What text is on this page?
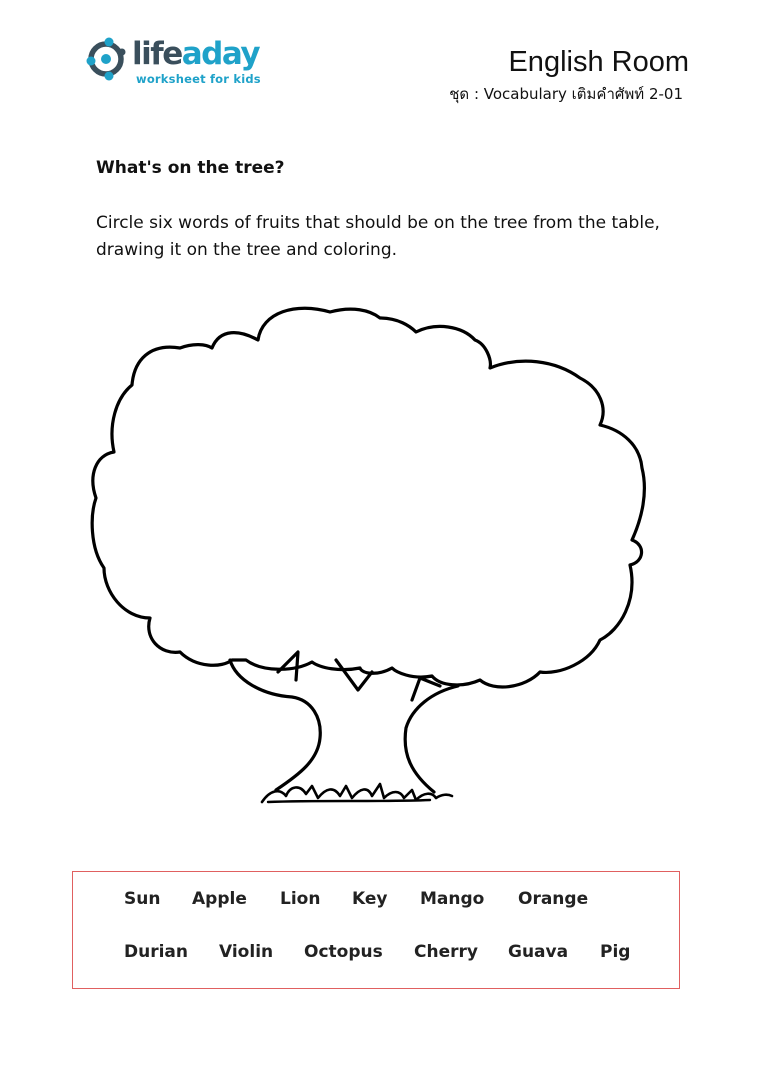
lifeaday
worksheet for kids
English Room
ชุด : Vocabulary เติมคำศัพท์ 2-01
What's on the tree?
Circle six words of fruits that should be on the tree from the table, drawing it on the tree and coloring.
Sun Apple Lion Key Mango Orange
Durian Violin Octopus Cherry Guava Pig
